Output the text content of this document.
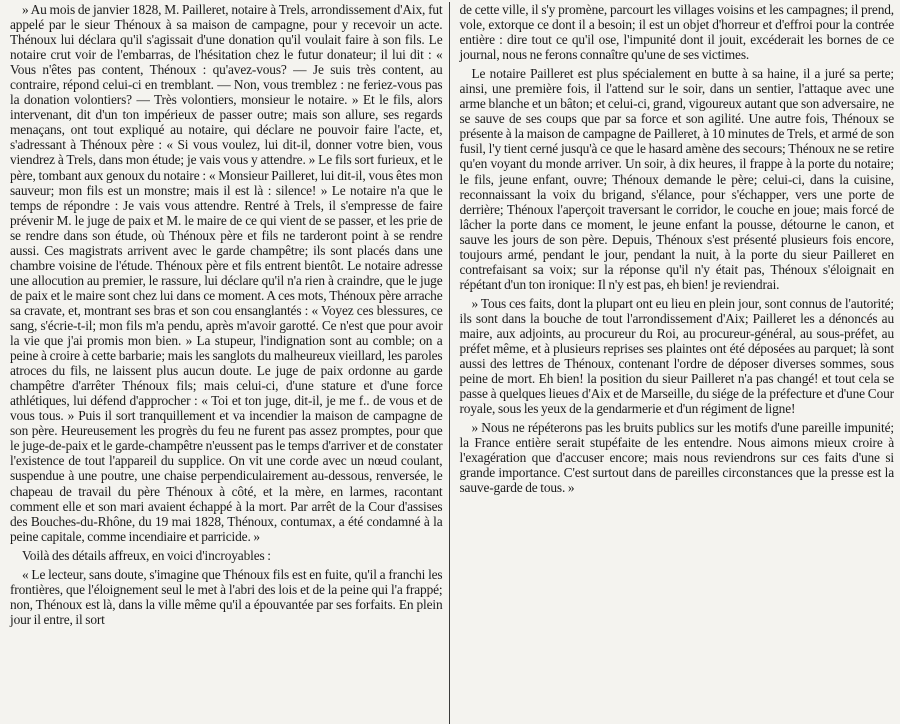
» Au mois de janvier 1828, M. Pailleret, notaire à Trels, arrondissement d'Aix, fut appelé par le sieur Thénoux à sa maison de campagne, pour y recevoir un acte. Thénoux lui déclara qu'il s'agissait d'une donation qu'il voulait faire à son fils. Le notaire crut voir de l'embarras, de l'hésitation chez le futur donateur; il lui dit : « Vous n'êtes pas content, Thénoux : qu'avez-vous? — Je suis très content, au contraire, répond celui-ci en tremblant. — Non, vous tremblez : ne feriez-vous pas la donation volontiers? — Très volontiers, monsieur le notaire. » Et le fils, alors intervenant, dit d'un ton impérieux de passer outre; mais son allure, ses regards menaçans, ont tout expliqué au notaire, qui déclare ne pouvoir faire l'acte, et, s'adressant à Thénoux père : « Si vous voulez, lui dit-il, donner votre bien, vous viendrez à Trels, dans mon étude; je vais vous y attendre. » Le fils sort furieux, et le père, tombant aux genoux du notaire : « Monsieur Pailleret, lui dit-il, vous êtes mon sauveur; mon fils est un monstre; mais il est là : silence! » Le notaire n'a que le temps de répondre : Je vais vous attendre. Rentré à Trels, il s'empresse de faire prévenir M. le juge de paix et M. le maire de ce qui vient de se passer, et les prie de se rendre dans son étude, où Thénoux père et fils ne tarderont point à se rendre aussi. Ces magistrats arrivent avec le garde champêtre; ils sont placés dans une chambre voisine de l'étude. Thénoux père et fils entrent bientôt. Le notaire adresse une allocution au premier, le rassure, lui déclare qu'il n'a rien à craindre, que le juge de paix et le maire sont chez lui dans ce moment. A ces mots, Thénoux père arrache sa cravate, et, montrant ses bras et son cou ensanglantés : « Voyez ces blessures, ce sang, s'écrie-t-il; mon fils m'a pendu, après m'avoir garotté. Ce n'est que pour avoir la vie que j'ai promis mon bien. » La stupeur, l'indignation sont au comble; on a peine à croire à cette barbarie; mais les sanglots du malheureux vieillard, les paroles atroces du fils, ne laissent plus aucun doute. Le juge de paix ordonne au garde champêtre d'arrêter Thénoux fils; mais celui-ci, d'une stature et d'une force athlétiques, lui défend d'approcher : « Toi et ton juge, dit-il, je me f.. de vous et de vous tous. » Puis il sort tranquillement et va incendier la maison de campagne de son père. Heureusement les progrès du feu ne furent pas assez promptes, pour que le juge-de-paix et le garde-champêtre n'eussent pas le temps d'arriver et de constater l'existence de tout l'appareil du supplice. On vit une corde avec un nœud coulant, suspendue à une poutre, une chaise perpendiculairement au-dessous, renversée, le chapeau de travail du père Thénoux à côté, et la mère, en larmes, racontant comment elle et son mari avaient échappé à la mort. Par arrêt de la Cour d'assises des Bouches-du-Rhône, du 19 mai 1828, Thénoux, contumax, a été condamné à la peine capitale, comme incendiaire et parricide. »

Voilà des détails affreux, en voici d'incroyables :

« Le lecteur, sans doute, s'imagine que Thénoux fils est en fuite, qu'il a franchi les frontières, que l'éloignement seul le met à l'abri des lois et de la peine qui l'a frappé; non, Thénoux est là, dans la ville même qu'il a épouvantée par ses forfaits. En plein jour il entre, il sort

de cette ville, il s'y promène, parcourt les villages voisins et les campagnes; il prend, vole, extorque ce dont il a besoin; il est un objet d'horreur et d'effroi pour la contrée entière : dire tout ce qu'il ose, l'impunité dont il jouit, excéderait les bornes de ce journal, nous ne ferons connaître qu'une de ses victimes.

Le notaire Pailleret est plus spécialement en butte à sa haine, il a juré sa perte; ainsi, une première fois, il l'attend sur le soir, dans un sentier, l'attaque avec une arme blanche et un bâton; et celui-ci, grand, vigoureux autant que son adversaire, ne se sauve de ses coups que par sa force et son agilité. Une autre fois, Thénoux se présente à la maison de campagne de Pailleret, à 10 minutes de Trels, et armé de son fusil, l'y tient cerné jusqu'à ce que le hasard amène des secours; Thénoux ne se retire qu'en voyant du monde arriver. Un soir, à dix heures, il frappe à la porte du notaire; le fils, jeune enfant, ouvre; Thénoux demande le père; celui-ci, dans la cuisine, reconnaissant la voix du brigand, s'élance, pour s'échapper, vers une porte de derrière; Thénoux l'aperçoit traversant le corridor, le couche en joue; mais forcé de lâcher la porte dans ce moment, le jeune enfant la pousse, détourne le canon, et sauve les jours de son père. Depuis, Thénoux s'est présenté plusieurs fois encore, toujours armé, pendant le jour, pendant la nuit, à la porte du sieur Pailleret en contrefaisant sa voix; sur la réponse qu'il n'y était pas, Thénoux s'éloignait en répétant d'un ton ironique: Il n'y est pas, eh bien! je reviendrai.

» Tous ces faits, dont la plupart ont eu lieu en plein jour, sont connus de l'autorité; ils sont dans la bouche de tout l'arrondissement d'Aix; Pailleret les a dénoncés au maire, aux adjoints, au procureur du Roi, au procureur-général, au sous-préfet, au préfet même, et à plusieurs reprises ses plaintes ont été déposées au parquet; là sont aussi des lettres de Thénoux, contenant l'ordre de déposer diverses sommes, sous peine de mort. Eh bien! la position du sieur Pailleret n'a pas changé! et tout cela se passe à quelques lieues d'Aix et de Marseille, du siége de la préfecture et d'une Cour royale, sous les yeux de la gendarmerie et d'un régiment de ligne!

» Nous ne répéterons pas les bruits publics sur les motifs d'une pareille impunité; la France entière serait stupéfaite de les entendre. Nous aimons mieux croire à l'exagération que d'accuser encore; mais nous reviendrons sur ces faits d'une si grande importance. C'est surtout dans de pareilles circonstances que la presse est la sauve-garde de tous. »
